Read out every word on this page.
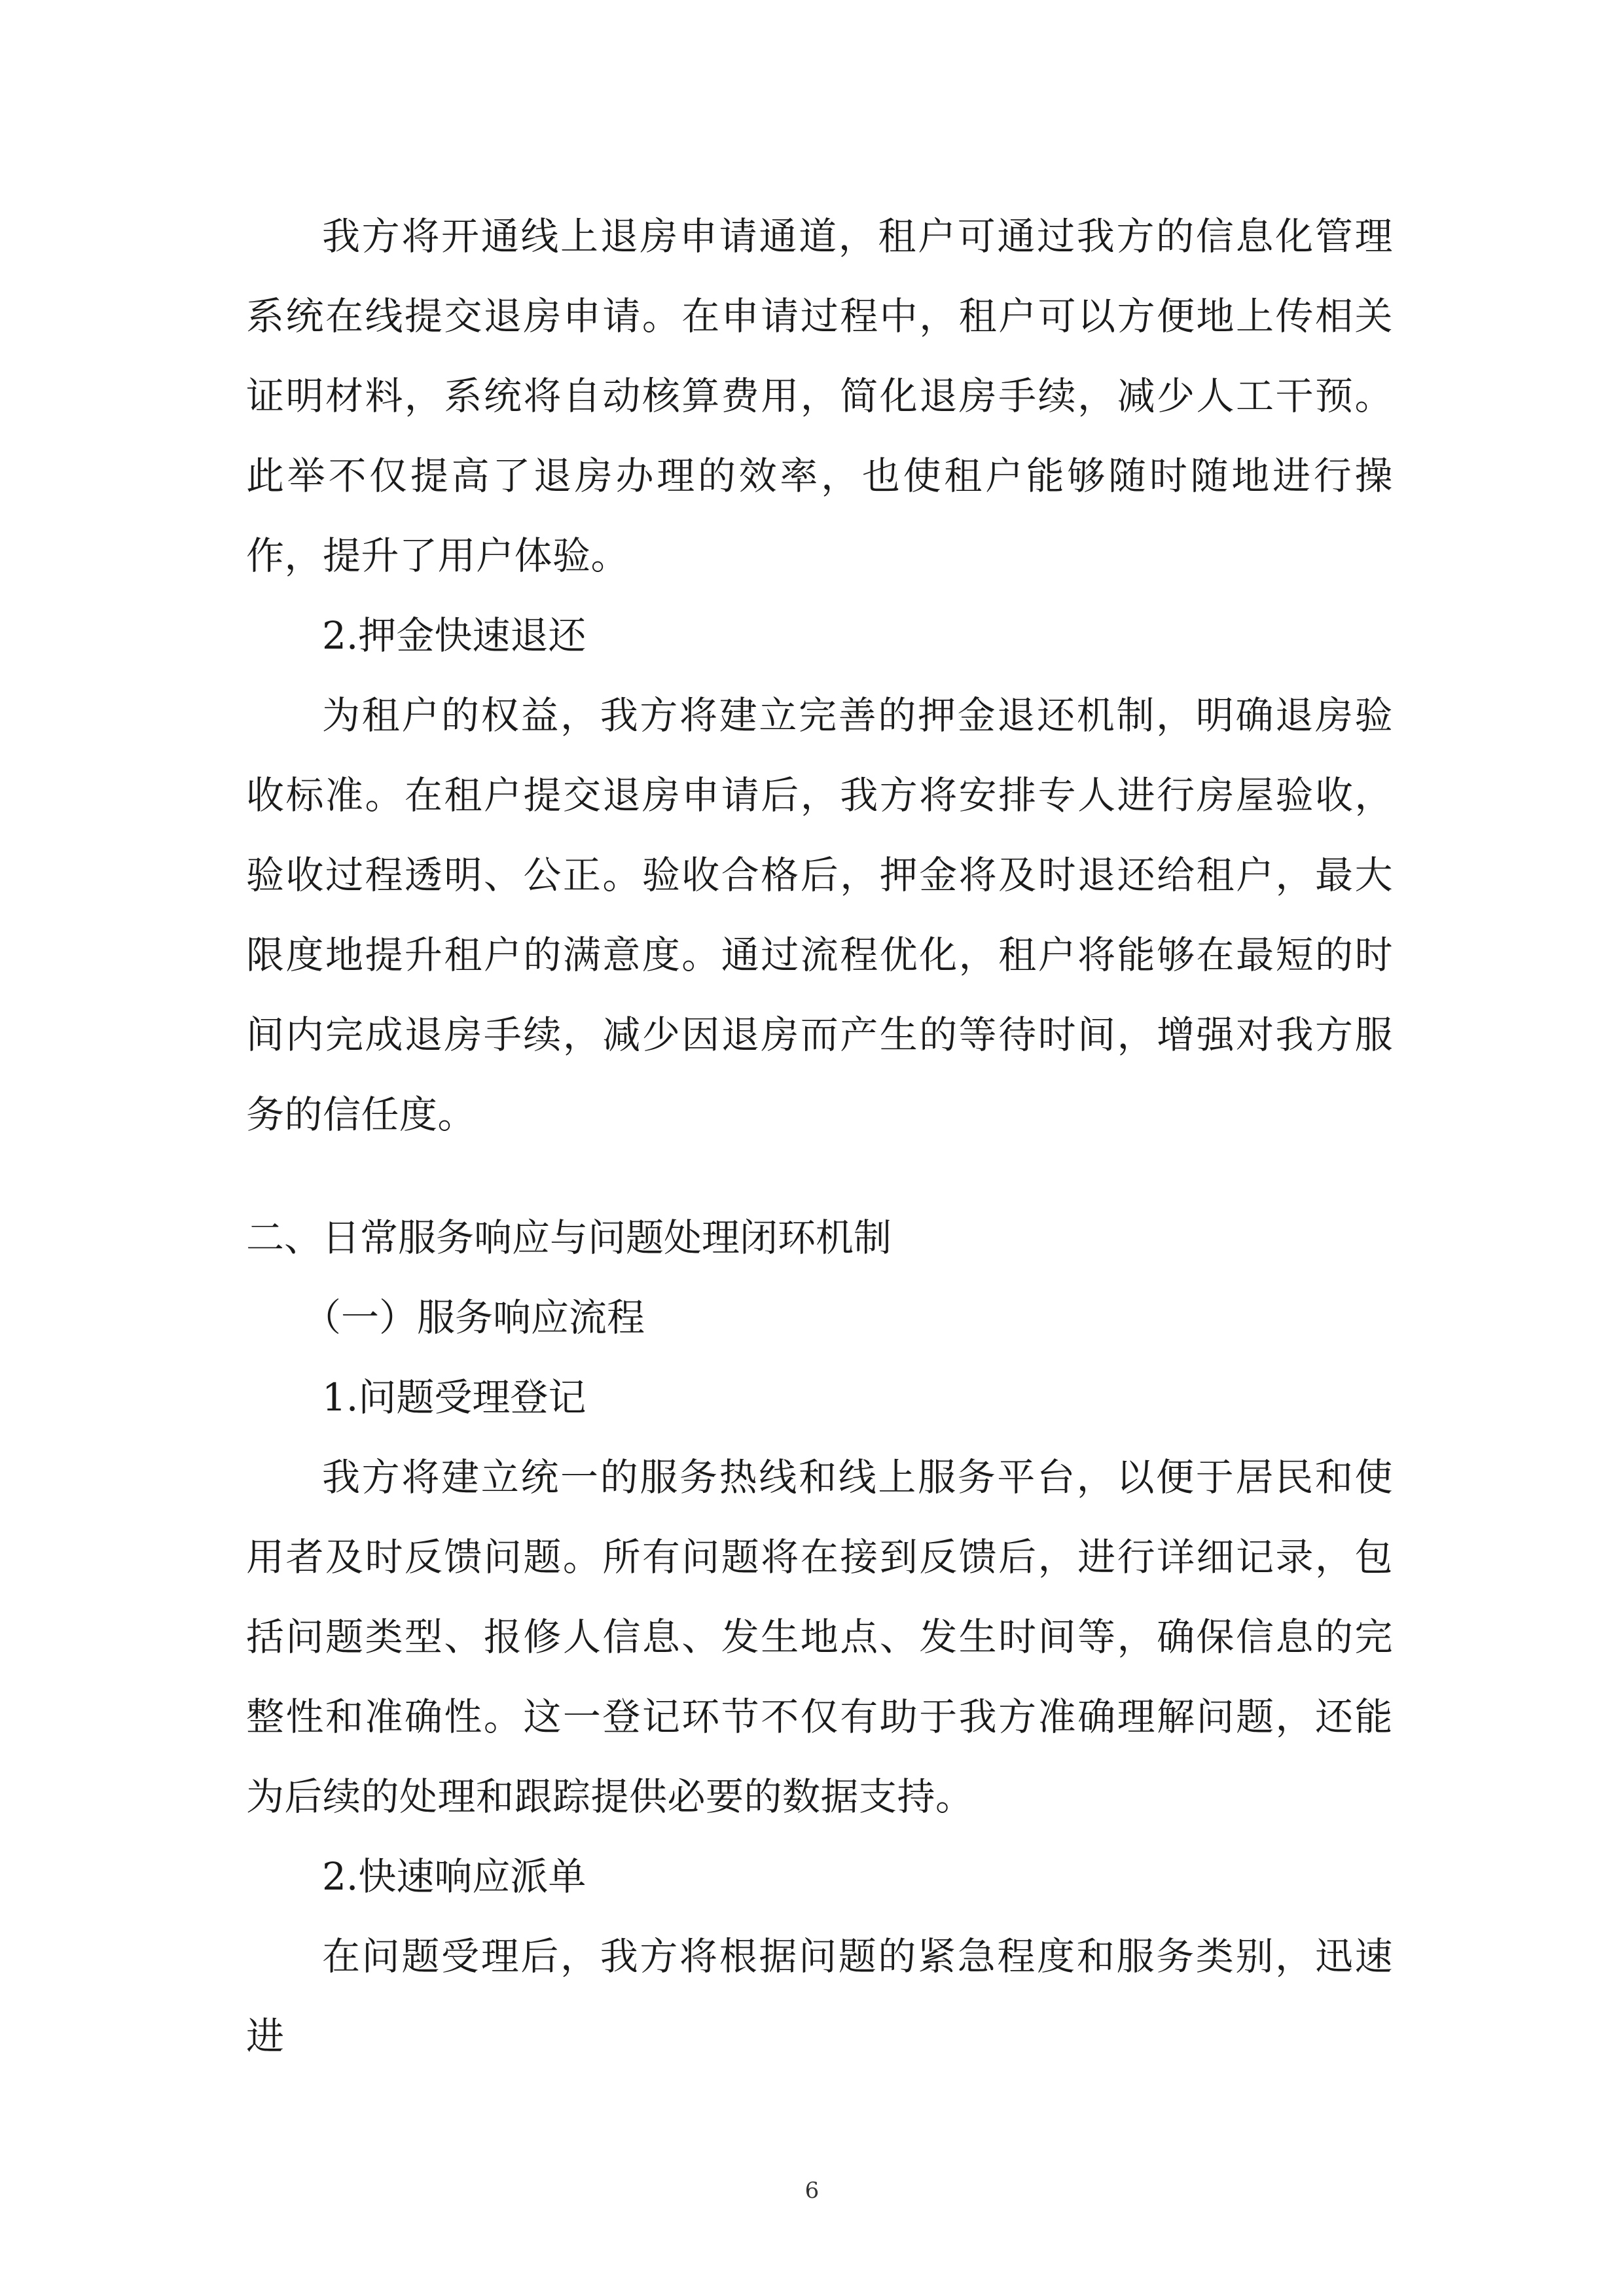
我方将开通线上退房申请通道，租户可通过我方的信息化管理系统在线提交退房申请。在申请过程中，租户可以方便地上传相关证明材料，系统将自动核算费用，简化退房手续，减少人工干预。此举不仅提高了退房办理的效率，也使租户能够随时随地进行操作，提升了用户体验。

2.押金快速退还

为租户的权益，我方将建立完善的押金退还机制，明确退房验收标准。在租户提交退房申请后，我方将安排专人进行房屋验收，验收过程透明、公正。验收合格后，押金将及时退还给租户，最大限度地提升租户的满意度。通过流程优化，租户将能够在最短的时间内完成退房手续，减少因退房而产生的等待时间，增强对我方服务的信任度。

二、日常服务响应与问题处理闭环机制

（一）服务响应流程

1.问题受理登记

我方将建立统一的服务热线和线上服务平台，以便于居民和使用者及时反馈问题。所有问题将在接到反馈后，进行详细记录，包括问题类型、报修人信息、发生地点、发生时间等，确保信息的完整性和准确性。这一登记环节不仅有助于我方准确理解问题，还能为后续的处理和跟踪提供必要的数据支持。

2.快速响应派单

在问题受理后，我方将根据问题的紧急程度和服务类别，迅速进

6
